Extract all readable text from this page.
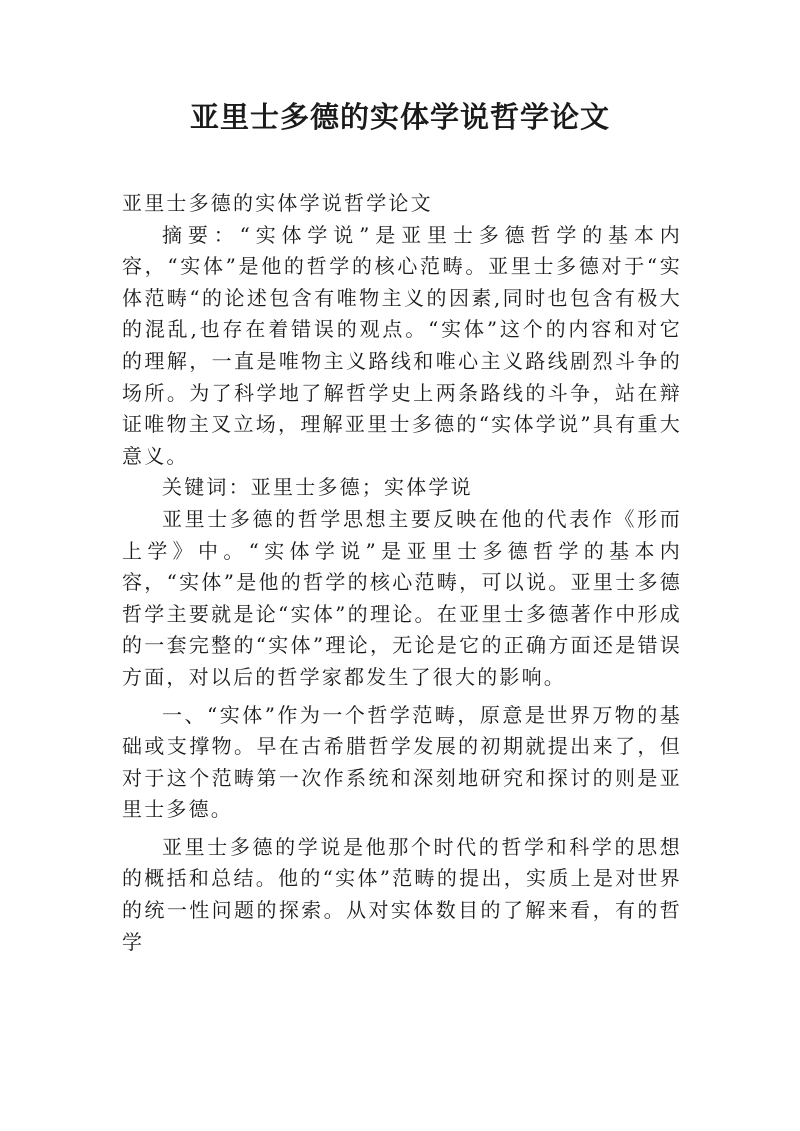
亚里士多德的实体学说哲学论文

亚里士多德的实体学说哲学论文

摘要：“实体学说”是亚里士多德哲学的基本内容，“实体”是他的哲学的核心范畴。亚里士多德对于“实体范畴“的论述包含有唯物主义的因素,同时也包含有极大的混乱,也存在着错误的观点。“实体”这个的内容和对它的理解，一直是唯物主义路线和唯心主义路线剧烈斗争的场所。为了科学地了解哲学史上两条路线的斗争，站在辩证唯物主叉立场，理解亚里士多德的“实体学说”具有重大意义。

关键词：亚里士多德；实体学说

亚里士多德的哲学思想主要反映在他的代表作《形而上学》中。“实体学说”是亚里士多德哲学的基本内容，“实体”是他的哲学的核心范畴，可以说。亚里士多德哲学主要就是论“实体”的理论。在亚里士多德著作中形成的一套完整的“实体”理论，无论是它的正确方面还是错误方面，对以后的哲学家都发生了很大的影响。

一、“实体”作为一个哲学范畴，原意是世界万物的基础或支撑物。早在古希腊哲学发展的初期就提出来了，但对于这个范畴第一次作系统和深刻地研究和探讨的则是亚里士多德。

亚里士多德的学说是他那个时代的哲学和科学的思想的概括和总结。他的“实体”范畴的提出，实质上是对世界的统一性问题的探索。从对实体数目的了解来看，有的哲学
